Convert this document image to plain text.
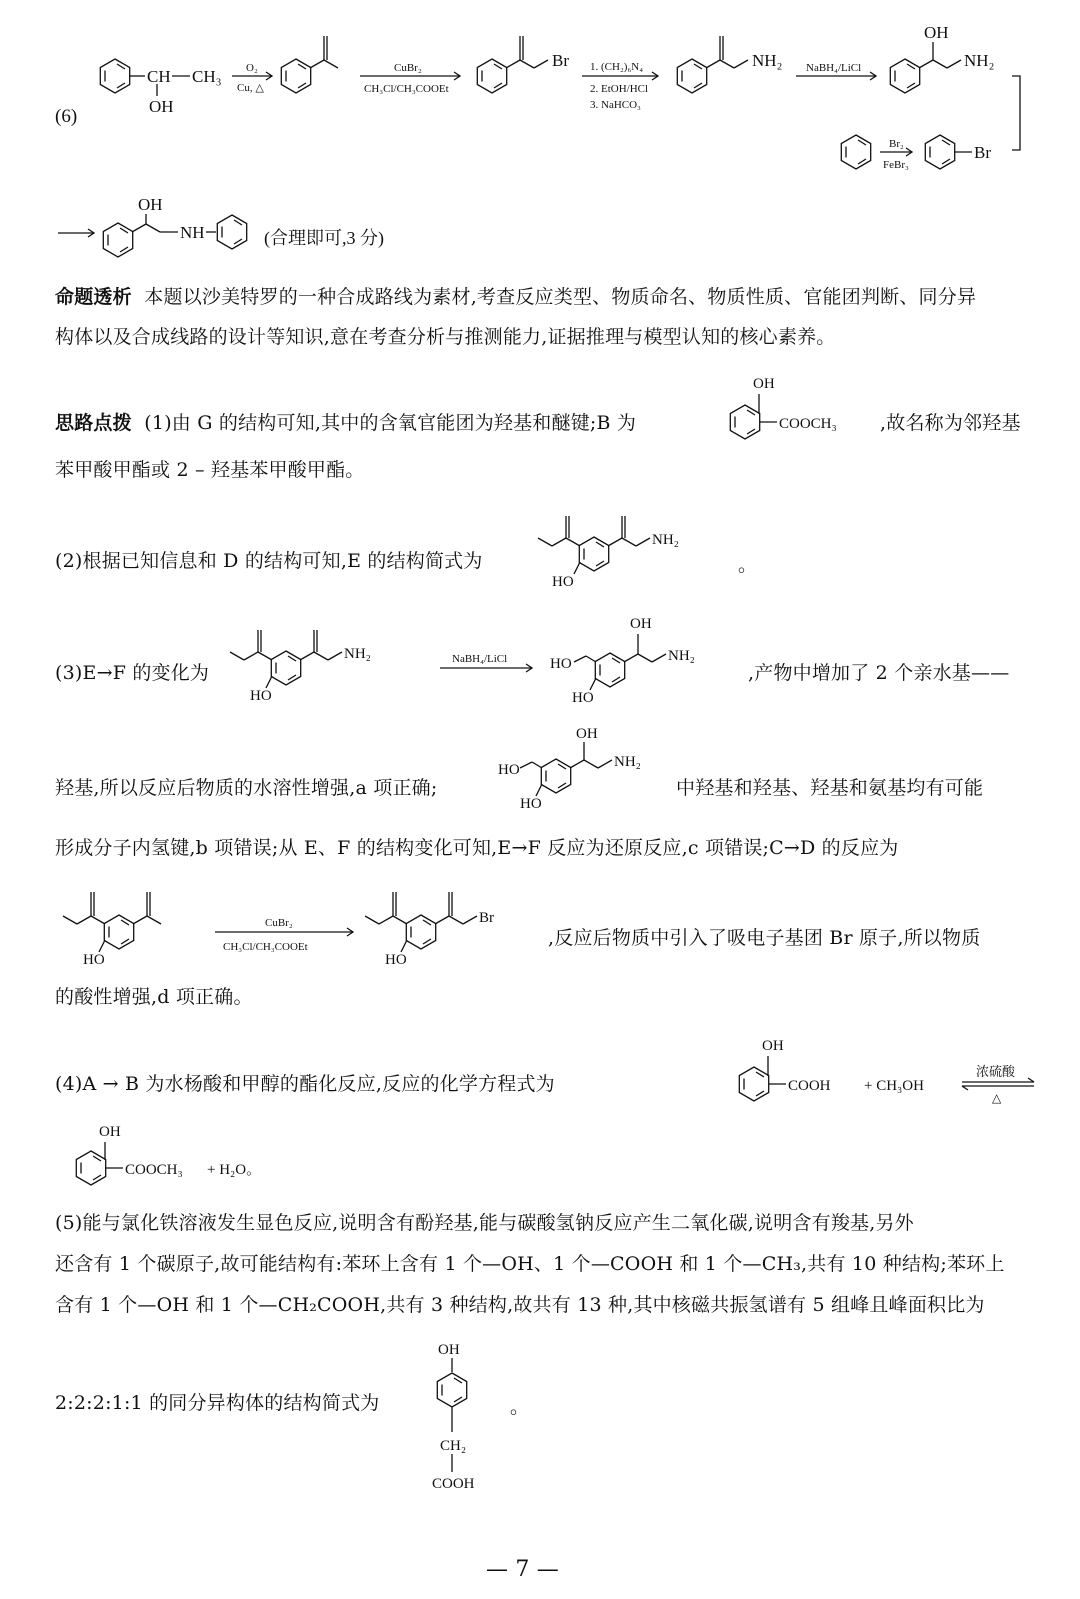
(6)
CH CH₃
OH
O₂
Cu, △
CuBr₂
CH₃Cl/CH₃COOEt
Br 1. (CH₂)₆N₄
2. EtOH/HCl
3. NaHCO₃
NH₂ NaBH₄/LiCl
OH
NH₂
Br₂
FeBr₃
Br
OH
NH	(合理即可,3 分)
命题透析 本题以沙美特罗的一种合成路线为素材,考查反应类型、物质命名、物质性质、官能团判断、同分异
构体以及合成线路的设计等知识,意在考查分析与推测能力,证据推理与模型认知的核心素养。
思路点拨 (1)由 G 的结构可知,其中的含氧官能团为羟基和醚键;B 为
OH
COOCH₃ ,故名称为邻羟基
苯甲酸甲酯或 2 – 羟基苯甲酸甲酯。
(2)根据已知信息和 D 的结构可知,E 的结构简式为
HO
NH₂
。
(3)E→F 的变化为
HO
NH₂	NaBH₄/LiCl	HO
HO
OH
NH₂
,产物中增加了 2 个亲水基——
羟基,所以反应后物质的水溶性增强,a 项正确;
HO
HO
OH
NH₂
中羟基和羟基、羟基和氨基均有可能
形成分子内氢键,b 项错误;从 E、F 的结构变化可知,E→F 反应为还原反应,c 项错误;C→D 的反应为
HO
CuBr₂
CH₃Cl/CH₃COOEt
HO
Br
,反应后物质中引入了吸电子基团 Br 原子,所以物质
的酸性增强,d 项正确。
(4)A → B 为水杨酸和甲醇的酯化反应,反应的化学方程式为
OH
COOH + CH₃OH
浓硫酸
△
OH
COOCH₃ + H₂O。
(5)能与氯化铁溶液发生显色反应,说明含有酚羟基,能与碳酸氢钠反应产生二氧化碳,说明含有羧基,另外
还含有 1 个碳原子,故可能结构有:苯环上含有 1 个—OH、1 个—COOH 和 1 个—CH₃,共有 10 种结构;苯环上
含有 1 个—OH 和 1 个—CH₂COOH,共有 3 种结构,故共有 13 种,其中核磁共振氢谱有 5 组峰且峰面积比为
2:2:2:1:1 的同分异构体的结构简式为
OH
CH₂
COOH
。
— 7 —
